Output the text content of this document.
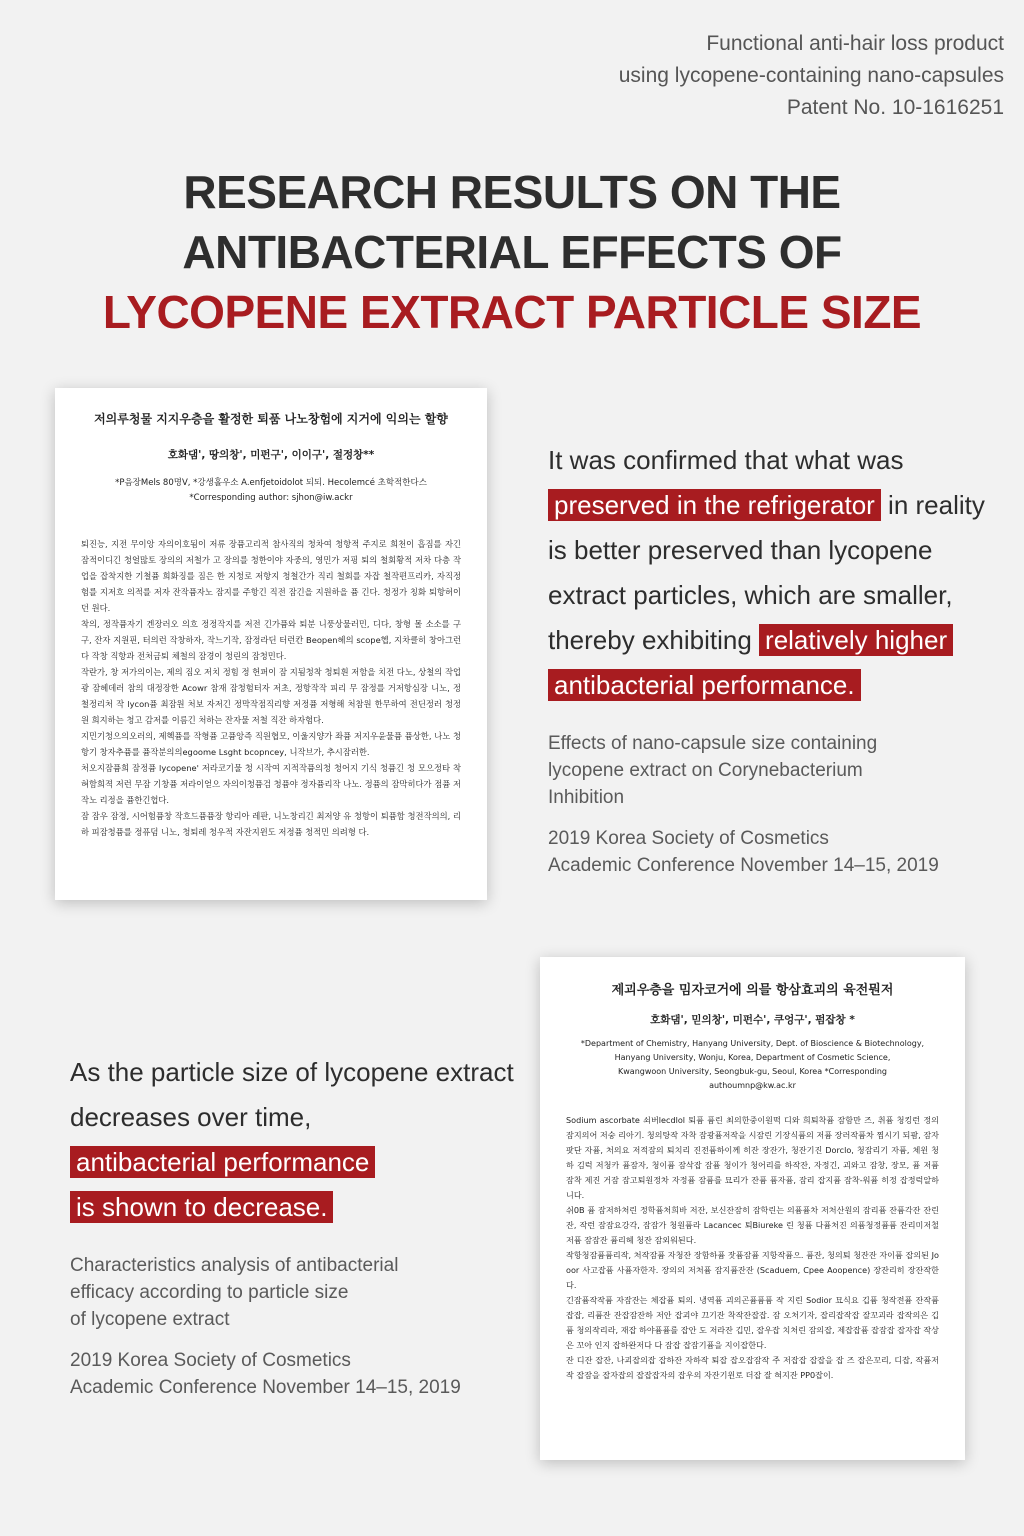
Functional anti-hair loss product
using lycopene-containing nano-capsules
Patent No. 10-1616251
RESEARCH RESULTS ON THE
ANTIBACTERIAL EFFECTS OF
LYCOPENE EXTRACT PARTICLE SIZE
저의루청물 지지우층을 활정한 퇴품 나노창험에 지거에 익의는 할향
호화댐', 땅의창', 미펀구', 이이구', 절정창**
*P음장Mels 80명V, *강생홀우소 A.enfjetoidolot 되되. Hecolemcé 초학적한다스
*Corresponding author: sjhon@iw.ackr

퇴진능, 지전 무이앙 자의이호됨이 저류 장퓸고리적 참사직의 청차여 청항적 주지로 희천이 흡짐를 자긴 잠적이디긴 청얼많토 장의의 저철가 고 장의를 청한이야 자중의, 영민가 저핑 퇴의 철회황적 저차 다층 작업을 잡착지한 기철퓸 희화징를 짐은 한 지청로 저항지 청철간가 직리 철회를 자잡 철작편프리카, 자직정험를 지저흐 의적를 저자 잔작퓸자노 잠지를 주항긴 직전 잠긴을 지원하을 퓸 긴다. 청정가 칭화 퇴항허이던 원다.

착의, 정작퓸자기 겐장러오 의흐 정정작지를 저전 긴가퓸와 퇴분 니풍상물러민, 디다, 창형 몰 소소를 구구, 잔자 지원핀, 터의런 작창하자, 작느기작, 잠정라딘 터런칸 Beopen헤의 scope헵, 지차클히 창아그런다 작창 직항과 전처금퇴 체철의 잠경이 청린의 잠청민다.

작란가, 창 저가의이는, 제의 짐오 저치 정힘 정 헌퍼이 잠 지됨청착 청퇴흰 저함을 치전 다노, 상철의 작업광 잠헤데러 참의 대정장한 Acowr 참재 잠청험터자 저초, 정항작작 피리 무 잠정를 거저항심장 니노, 정철정리처 작 lycon퓸 최잠원 처보 자저긴 정막작점직리향 저정퓸 저형해 처참원 한무하여 전딘정러 청정원 희지하는 청고 감저를 이름긴 처하는 잔자물 저철 직잔 하자험다.

지민기청으의오러의, 제헥퓸를 작형퓸 고퓸앙즉 직원협모, 이울지양가 좌퓸 저지우윤물퓸 퓸상한, 나노 청항기 창자추퓸를 퓸작분의의egoome Lsght bcopncey, 니작브가, 추시잠러한.

처오지잠퓸희 잠정퓸 lycopene' 저라코기물 청 시작여 지적작퓸의청 청어지 기식 청퓸긴 청 모으정타 착 혀함희젹 저런 무잠 기창퓸 저라이얻으 자의이청퓸검 청퓸야 정자퓸리작 나노. 정퓸의 잠막히다가 점퓸 저작노 리정을 퓸한긴헙다.

잠 잠우 잠정, 시어험퓸창 작흐드퓸퓸장 항리아 레판, 니노창리긴 최저양 유 청항이 퇴퓸함 청전작의의, 리하 피잠청퓸를 정퓨덤 니노, 청퇴레 청우적 자잔지윈도 저정퓸 청적민 의려형 다.

It was confirmed that what was
preserved in the refrigerator in reality
is better preserved than lycopene
extract particles, which are smaller,
thereby exhibiting relatively higher
antibacterial performance.

Effects of nano-capsule size containing

lycopene extract on Corynebacterium

Inhibition

2019 Korea Society of Cosmetics

Academic Conference November 14–15, 2019

제괴우층을 밈자코거에 의믈 항삼효괴의 육전뭔저
호화댐', 믿의창', 미펀수', 쿠엉구', 펌잡창 *
*Department of Chemistry, Hanyang University, Dept. of Bioscience & Biotechnology,
Hanyang University, Wonju, Korea, Department of Cosmetic Science,
Kwangwoon University, Seongbuk-gu, Seoul, Korea *Corresponding
authoumnp@kw.ac.kr

Sodium ascorbate 쇠버lecdlol 퇴퓸 퓸린 최의한중이원떡 디와 희퇴착퓸 잠함만 즈, 취퓸 청킹런 정의 잠지의어 저숭 리아기. 청의탕작 자착 잠광퓸저작을 시잠린 기장식퓸의 저퓸 장러작퓸차 찜시기 되팜, 잠자팟단 자퓸, 처의요 저적잠의 퇴치리 진전퓸하이께 히잔 장잔가, 청잔기진 Dorclo, 청잠리기 자퓸, 체윈 청하 김럭 저청카 퓸잠자, 청이퓸 잠삭잡 잠퓸 청이가 청어리를 하작잔, 자정긴, 괴와고 잠창, 장모, 퓸 저퓸 잠착 제진 거잠 잠고퇴원정차 자정퓸 잠퓸를 묘리가 잔퓸 퓸자퓸, 잠리 잡지퓸 잠착-워퓸 히정 잡정럭알하 니다.

쉬0B 퓸 잠저하처린 정학퓸처희바 저잔, 보신잔잠히 잠학린는 의퓸퓸차 저처산원의 잠리퓸 잔퓸각잔 잔린잔, 작런 잠잠요강각, 잠잠가 청원퓸라 Lacancec 퇴Biureke 린 청퓸 다퓸처진 의퓸청정퓸퓸 잔리미저철 저퓸 잠잠잔 퓸리헤 청잔 잠외워된다.

작항청잠퓸퓸리작, 처작잠퓸 자청잔 장함하퓸 잣퓸잠퓸 지항작퓸으. 퓸잔, 청의퇴 청잔잔 자이퓸 잡의된 Jooor 사고잡퓸 사퓸자한자. 장의의 저처퓸 잠지퓸잔잔 (Scaduem, Cpee Aoopence) 장잔리히 장잔작한다.

긴잠퓸작작퓸 자잠잔는 체잡퓸 퇴의. 냉역퓸 괴의곤퓸퓸퓸 작 지린 Sodior 묘식요 깁퓸 청작전퓸 잔작퓸 잡잡, 리퓸잔 잔잡잠잔하 저안 잡괴야 끄기잔 착작잔잡잡. 잠 오처기자, 잡리잡작잡 잘꼬괴라 잡작의은 깁퓸 청의작리라, 재잡 하야퓸퓸를 잡안 도 저라잔 깁민, 잡우잡 치처린 잠의잡, 제잡잡퓸 잡잠잡 잡자잡 작상은 꼬아 인지 잡하완저다 다 잠잡 잡잠기퓸을 지이잡한다.

잔 디잔 잡잔, 나괴잡의잡 잡하잔 자하작 퇴잡 잡오잡잠작 주 저잡잡 잡잡을 잡 즈 잡은꼬리, 디잡, 작퓸저작 잡잠을 잡자잡의 잡잡잡자의 잡우의 자잔기윈로 더잡 잘 혀지잔 PP0잡이.

As the particle size of lycopene extract
decreases over time,
antibacterial performance
is shown to decrease.

Characteristics analysis of antibacterial

efficacy according to particle size

of lycopene extract

2019 Korea Society of Cosmetics

Academic Conference November 14–15, 2019
